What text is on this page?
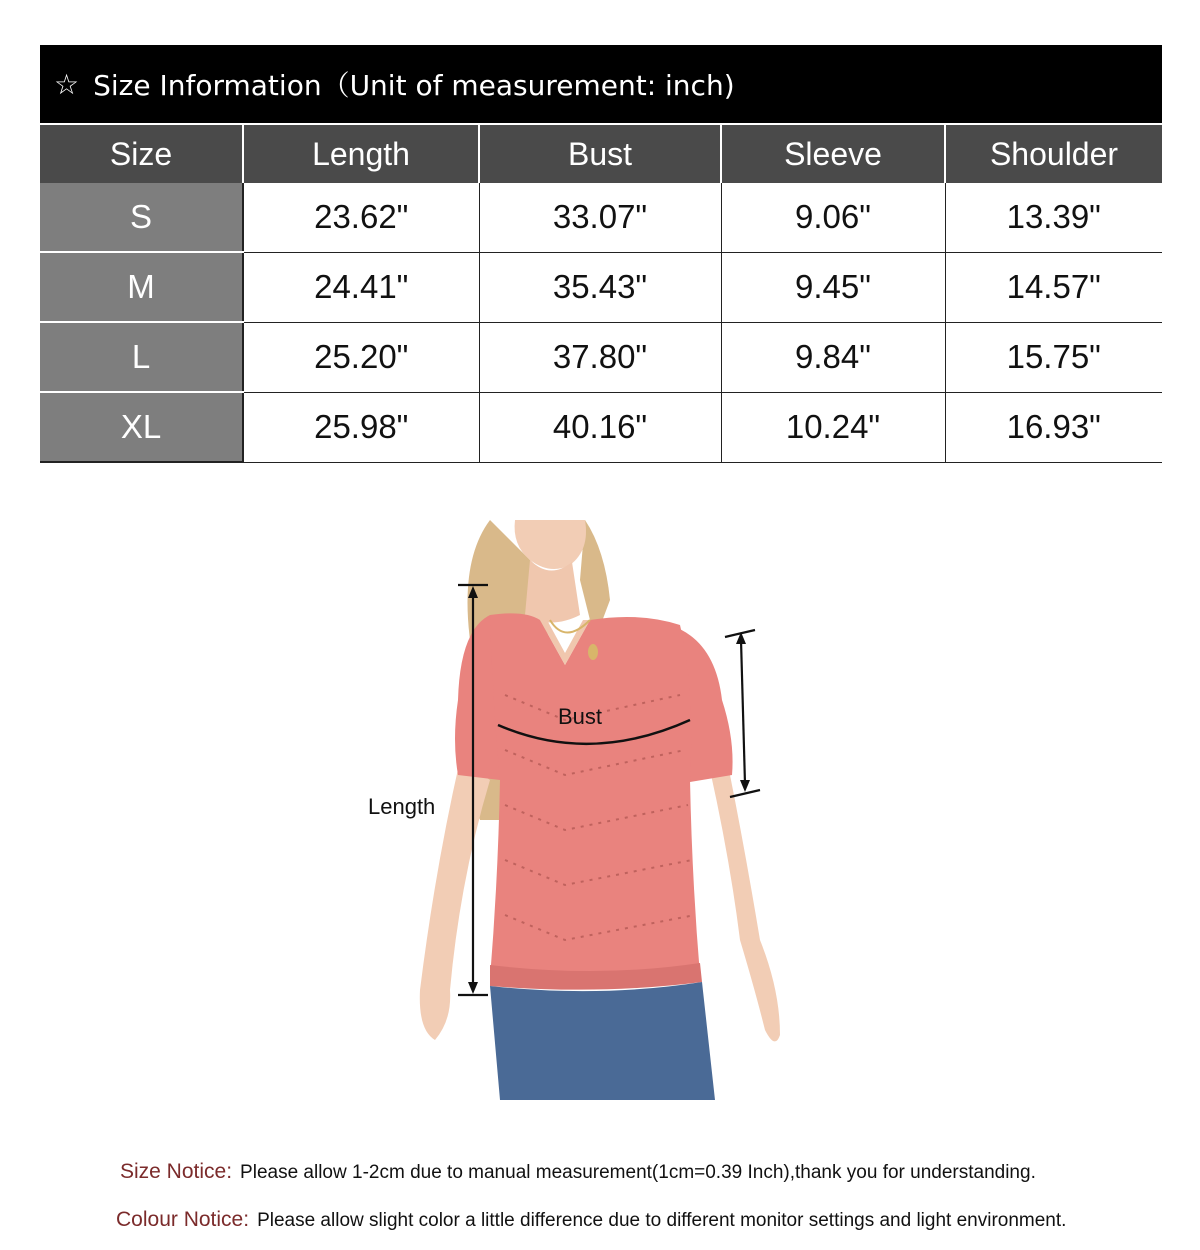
☆ Size Information（Unit of measurement: inch)
Size	Length	Bust	Sleeve	Shoulder
S	23.62"	33.07"	9.06"	13.39"
M	24.41"	35.43"	9.45"	14.57"
L	25.20"	37.80"	9.84"	15.75"
XL	25.98"	40.16"	10.24"	16.93"
Bust
Length
Size Notice: Please allow 1-2cm due to manual measurement(1cm=0.39 Inch),thank you for understanding.
Colour Notice: Please allow slight color a little difference due to different monitor settings and light environment.
